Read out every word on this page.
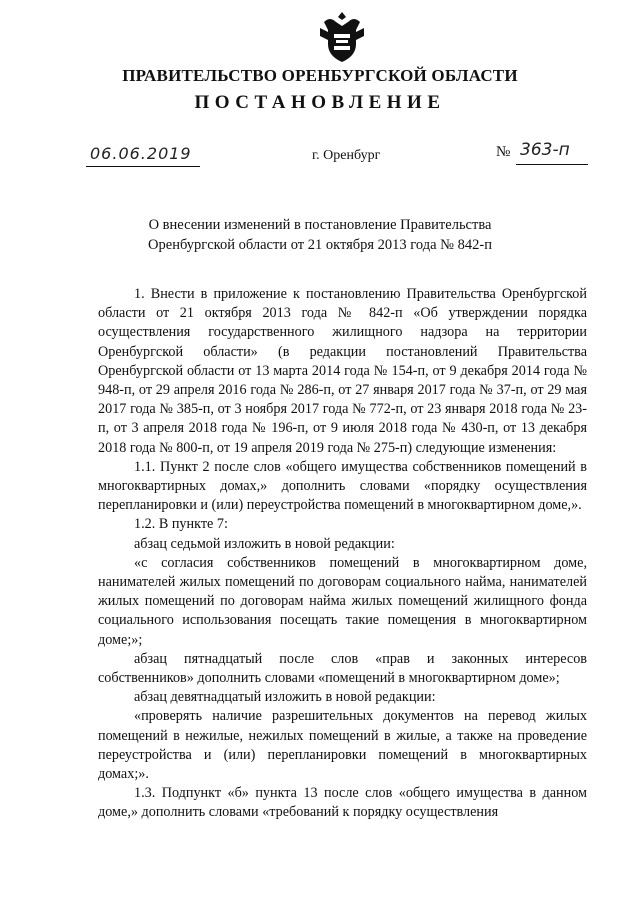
ПРАВИТЕЛЬСТВО ОРЕНБУРГСКОЙ ОБЛАСТИ
ПОСТАНОВЛЕНИЕ
06.06.2019	г. Оренбург	№ 363-п
О внесении изменений в постановление Правительства
Оренбургской области от 21 октября 2013 года № 842-п

1. Внести в приложение к постановлению Правительства Оренбургской области от 21 октября 2013 года № 842-п «Об утверждении порядка осуществления государственного жилищного надзора на территории Оренбургской области» (в редакции постановлений Правительства Оренбургской области от 13 марта 2014 года № 154-п, от 9 декабря 2014 года № 948-п, от 29 апреля 2016 года № 286-п, от 27 января 2017 года № 37-п, от 29 мая 2017 года № 385-п, от 3 ноября 2017 года № 772-п, от 23 января 2018 года № 23-п, от 3 апреля 2018 года № 196-п, от 9 июля 2018 года № 430-п, от 13 декабря 2018 года № 800-п, от 19 апреля 2019 года № 275-п) следующие изменения:

1.1. Пункт 2 после слов «общего имущества собственников помещений в многоквартирных домах,» дополнить словами «порядку осуществления перепланировки и (или) переустройства помещений в многоквартирном доме,».

1.2. В пункте 7:

абзац седьмой изложить в новой редакции:

«с согласия собственников помещений в многоквартирном доме, нанимателей жилых помещений по договорам социального найма, нанимателей жилых помещений по договорам найма жилых помещений жилищного фонда социального использования посещать такие помещения в многоквартирном доме;»;

абзац пятнадцатый после слов «прав и законных интересов собственников» дополнить словами «помещений в многоквартирном доме»;

абзац девятнадцатый изложить в новой редакции:

«проверять наличие разрешительных документов на перевод жилых помещений в нежилые, нежилых помещений в жилые, а также на проведение переустройства и (или) перепланировки помещений в многоквартирных домах;».

1.3. Подпункт «б» пункта 13 после слов «общего имущества в данном доме,» дополнить словами «требований к порядку осуществления
